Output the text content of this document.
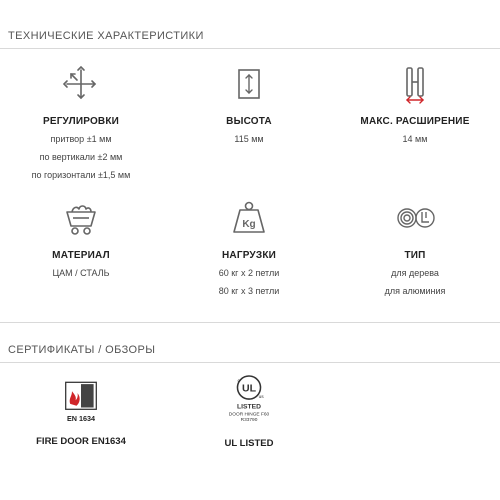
ТЕХНИЧЕСКИЕ ХАРАКТЕРИСТИКИ
РЕГУЛИРОВКИ
притвор ±1 мм
по вертикали ±2 мм
по горизонтали ±1,5 мм
ВЫСОТА
115 мм
МАКС. РАСШИРЕНИЕ
14 мм
МАТЕРИАЛ
ЦАМ / СТАЛЬ
Kg
НАГРУЗКИ
60 кг x 2 петли
80 кг x 3 петли
ТИП
для дерева
для алюминия
СЕРТИФИКАТЫ / ОБЗОРЫ
EN 1634
FIRE DOOR EN1634
UL
c
us
LISTED
DOOR HINGE F60
R33790
UL LISTED
